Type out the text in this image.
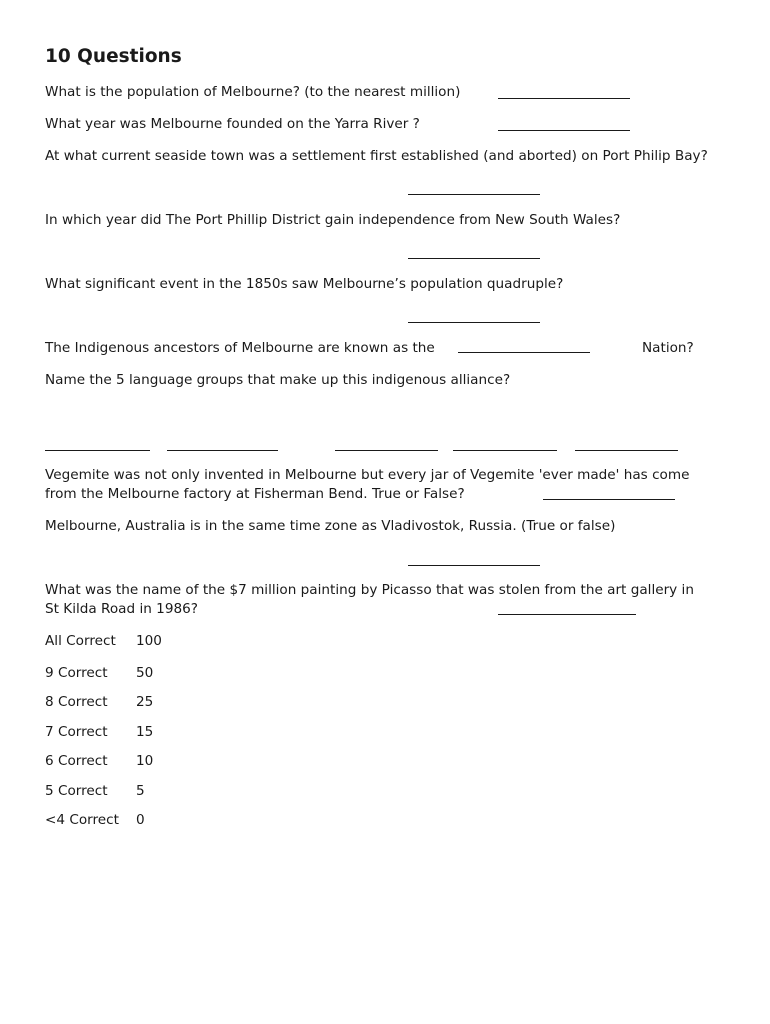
10 Questions
What is the population of Melbourne? (to the nearest million)
What year was Melbourne founded on the Yarra River ?
At what current seaside town was a settlement first established (and aborted) on Port Philip Bay?
In which year did The Port Phillip District gain independence from New South Wales?
What significant event in the 1850s saw Melbourne’s population quadruple?
The Indigenous ancestors of Melbourne are known as the	Nation?
Name the 5 language groups that make up this indigenous alliance?
Vegemite was not only invented in Melbourne but every jar of Vegemite 'ever made' has come
from the Melbourne factory at Fisherman Bend. True or False?
Melbourne, Australia is in the same time zone as Vladivostok, Russia. (True or false)
What was the name of the $7 million painting by Picasso that was stolen from the art gallery in
St Kilda Road in 1986?
All Correct 100
9 Correct 50
8 Correct 25
7 Correct 15
6 Correct 10
5 Correct 5
<4 Correct 0
